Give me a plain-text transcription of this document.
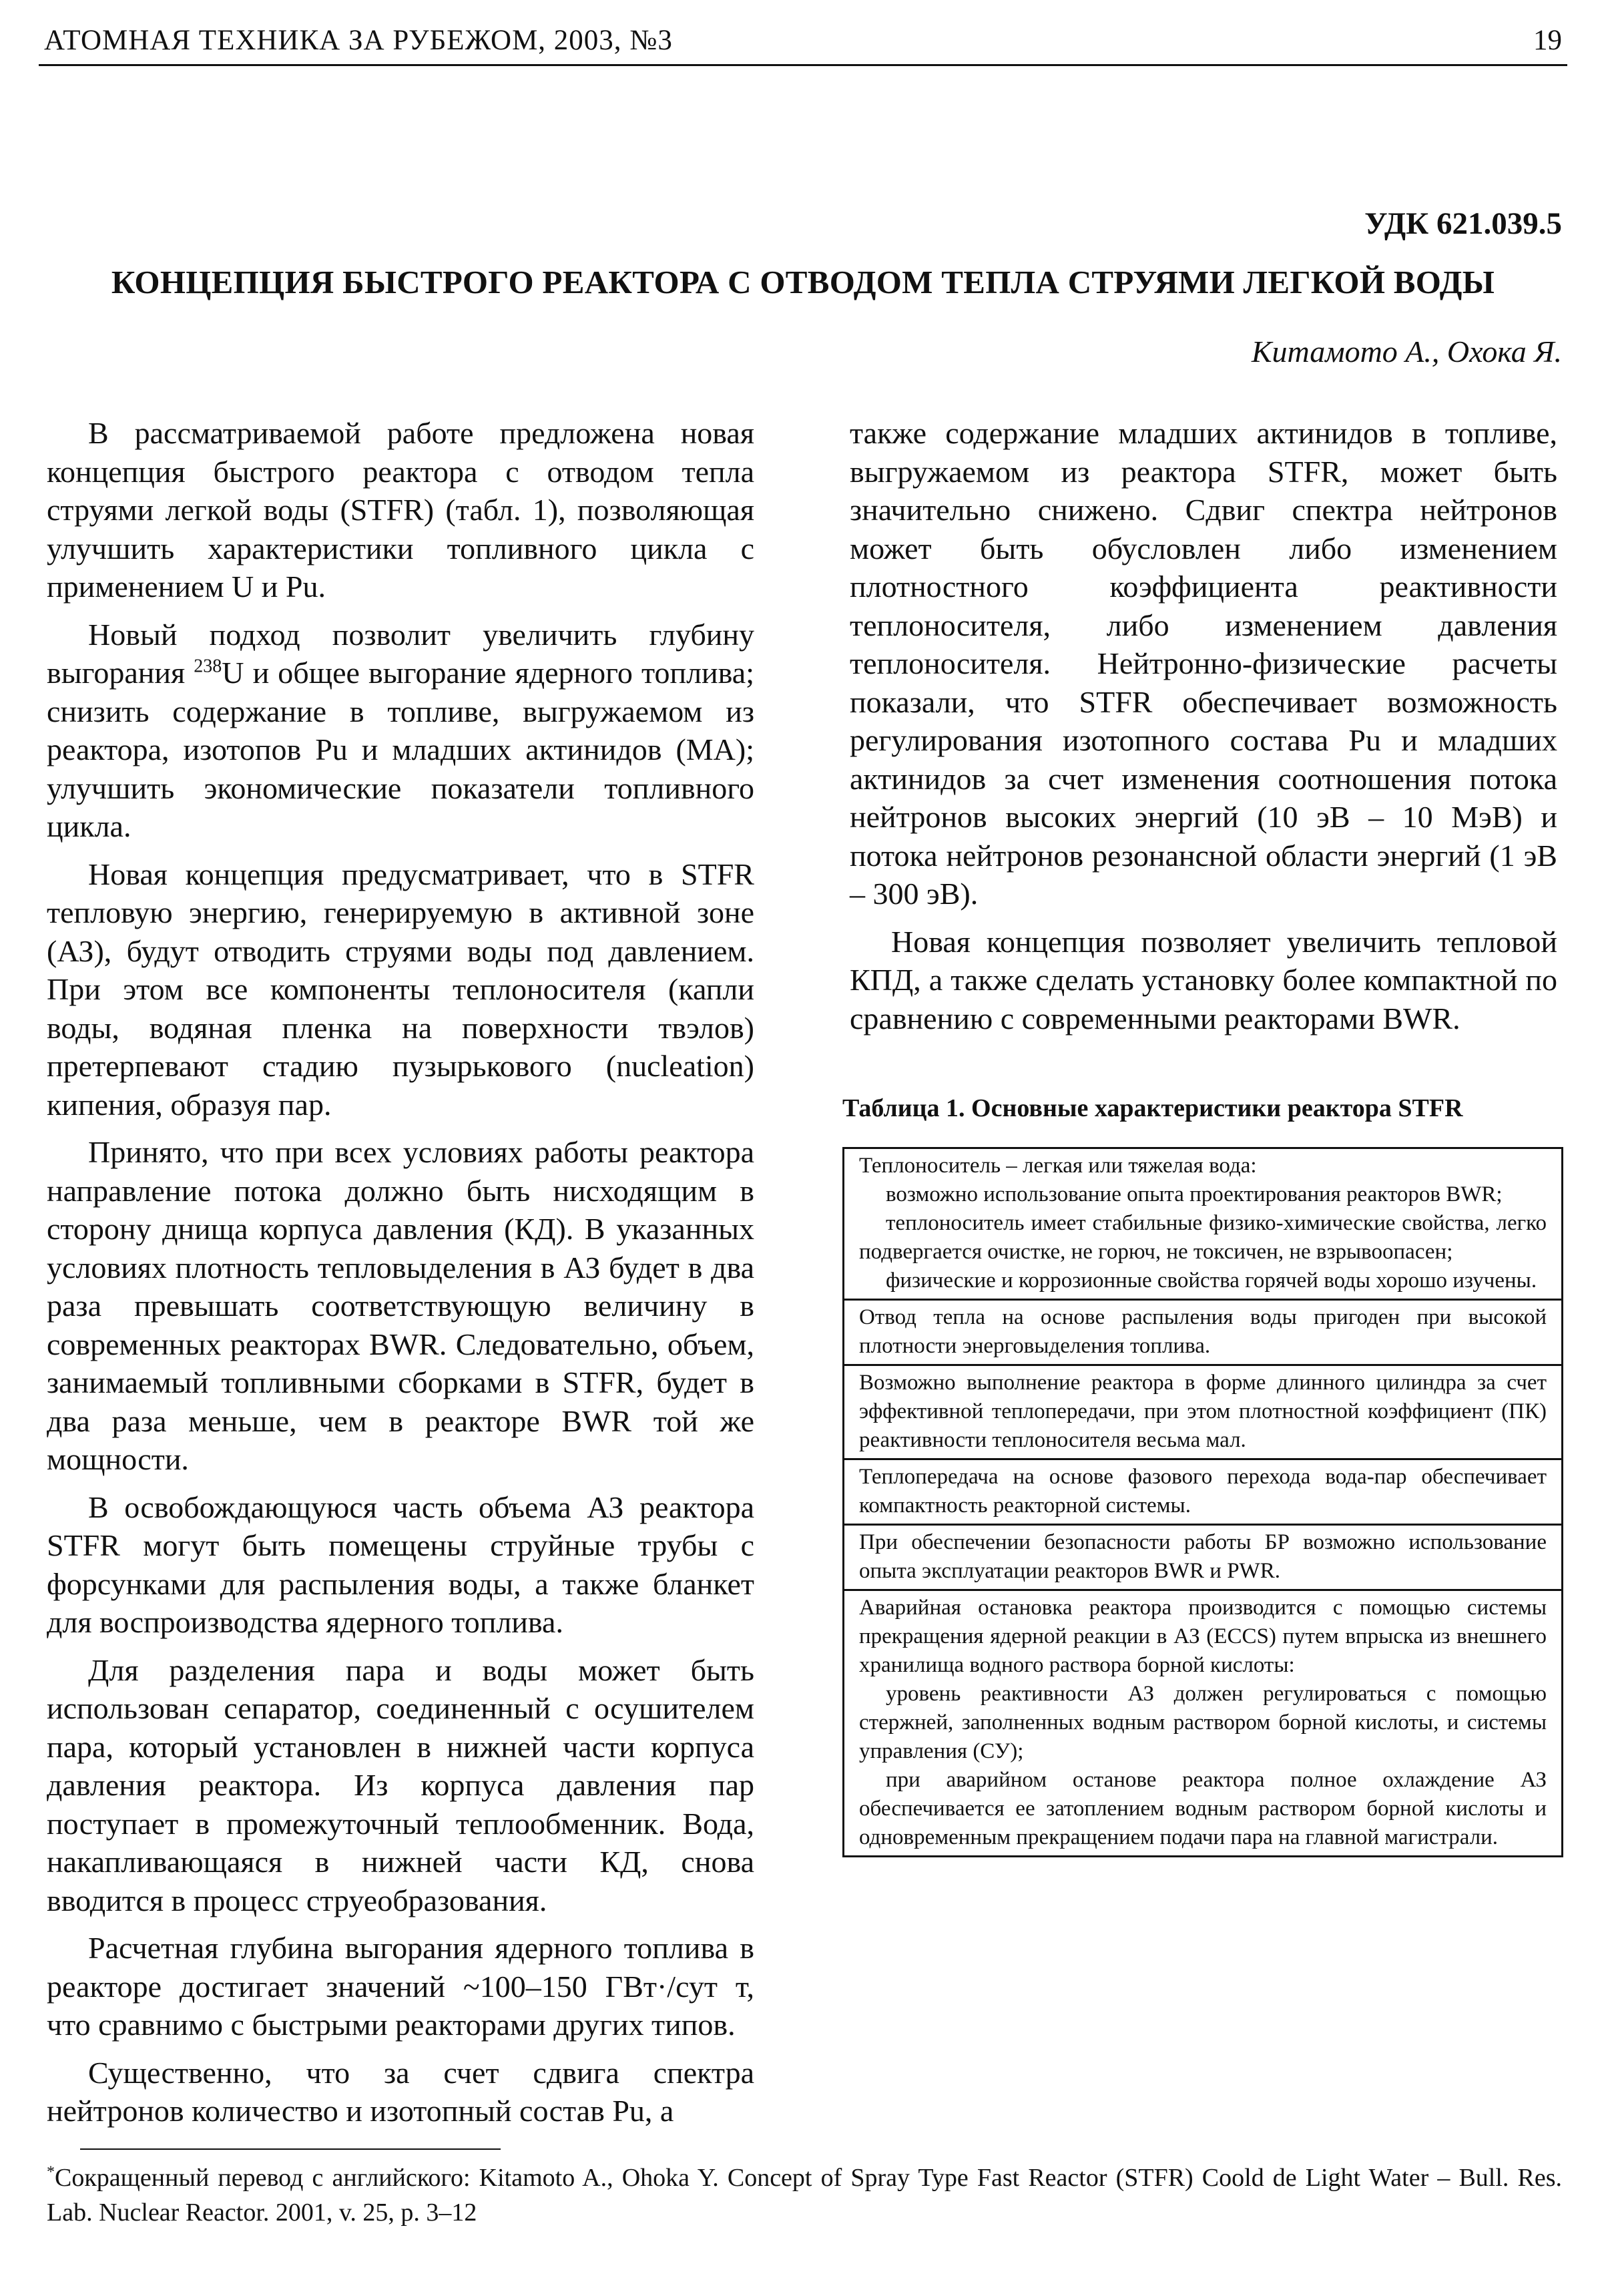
АТОМНАЯ ТЕХНИКА ЗА РУБЕЖОМ, 2003, №3	19
УДК 621.039.5
КОНЦЕПЦИЯ БЫСТРОГО РЕАКТОРА С ОТВОДОМ ТЕПЛА СТРУЯМИ ЛЕГКОЙ ВОДЫ
Китамото А., Охока Я.

В рассматриваемой работе предложена новая концепция быстрого реактора с отводом тепла струями легкой воды (STFR) (табл. 1), позволяющая улучшить характеристики топливного цикла с применением U и Pu.

Новый подход позволит увеличить глубину выгорания $^{238}$U и общее выгорание ядерного топлива; снизить содержание в топливе, выгружаемом из реактора, изотопов Pu и младших актинидов (МА); улучшить экономические показатели топливного цикла.

Новая концепция предусматривает, что в STFR тепловую энергию, генерируемую в активной зоне (АЗ), будут отводить струями воды под давлением. При этом все компоненты теплоносителя (капли воды, водяная пленка на поверхности твэлов) претерпевают стадию пузырькового (nucleation) кипения, образуя пар.

Принято, что при всех условиях работы реактора направление потока должно быть нисходящим в сторону днища корпуса давления (КД). В указанных условиях плотность тепловыделения в АЗ будет в два раза превышать соответствующую величину в современных реакторах BWR. Следовательно, объем, занимаемый топливными сборками в STFR, будет в два раза меньше, чем в реакторе BWR той же мощности.

В освобождающуюся часть объема АЗ реактора STFR могут быть помещены струйные трубы с форсунками для распыления воды, а также бланкет для воспроизводства ядерного топлива.

Для разделения пара и воды может быть использован сепаратор, соединенный с осушителем пара, который установлен в нижней части корпуса давления реактора. Из корпуса давления пар поступает в промежуточный теплообменник. Вода, накапливающаяся в нижней части КД, снова вводится в процесс струеобразования.

Расчетная глубина выгорания ядерного топлива в реакторе достигает значений ~100–150 ГВт·/сут т, что сравнимо с быстрыми реакторами других типов.

Существенно, что за счет сдвига спектра нейтронов количество и изотопный состав Pu, а

также содержание младших актинидов в топливе, выгружаемом из реактора STFR, может быть значительно снижено. Сдвиг спектра нейтронов может быть обусловлен либо изменением плотностного коэффициента реактивности теплоносителя, либо изменением давления теплоносителя. Нейтронно-физические расчеты показали, что STFR обеспечивает возможность регулирования изотопного состава Pu и младших актинидов за счет изменения соотношения потока нейтронов высоких энергий (10 эВ – 10 МэВ) и потока нейтронов резонансной области энергий (1 эВ – 300 эВ).

Новая концепция позволяет увеличить тепловой КПД, а также сделать установку более компактной по сравнению с современными реакторами BWR.

Таблица 1. Основные характеристики реактора STFR
Теплоноситель – легкая или тяжелая вода:
возможно использование опыта проектирования реакторов BWR;
теплоноситель имеет стабильные физико-химические свойства, легко подвергается очистке, не горюч, не токсичен, не взрывоопасен;
физические и коррозионные свойства горячей воды хорошо изучены.
Отвод тепла на основе распыления воды пригоден при высокой плотности энерговыделения топлива.
Возможно выполнение реактора в форме длинного цилиндра за счет эффективной теплопередачи, при этом плотностной коэффициент (ПК) реактивности теплоносителя весьма мал.
Теплопередача на основе фазового перехода вода-пар обеспечивает компактность реакторной системы.
При обеспечении безопасности работы БР возможно использование опыта эксплуатации реакторов BWR и PWR.
Аварийная остановка реактора производится с помощью системы прекращения ядерной реакции в АЗ (ECCS) путем впрыска из внешнего хранилища водного раствора борной кислоты:
уровень реактивности АЗ должен регулироваться с помощью стержней, заполненных водным раствором борной кислоты, и системы управления (СУ);
при аварийном останове реактора полное охлаждение АЗ обеспечивается ее затоплением водным раствором борной кислоты и одновременным прекращением подачи пара на главной магистрали.
*Сокращенный перевод с английского: Kitamoto A., Ohoka Y. Concept of Spray Type Fast Reactor (STFR) Coold de Light Water – Bull. Res. Lab. Nuclear Reactor. 2001, v. 25, p. 3–12
